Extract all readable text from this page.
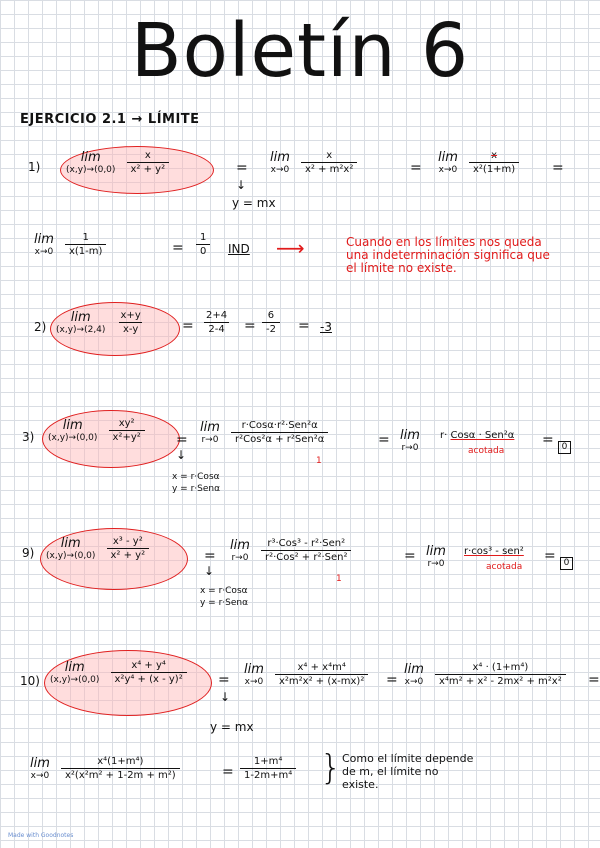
Boletín 6
EJERCICIO 2.1 → LÍMITE
1)
lim
(x,y)→(0,0)
$\frac{x}{\text{x² + y²}}$	=
lim
x→0
$\frac{x}{\text{x² + m²x²}}$	=
lim
x→0
$\frac{x}{\text{x²(1+m)}}$ =
↓
y = mx
lim
x→0
$\frac{1}{x(1-m)}$	= $\frac{1}{0}$ IND ⟶	Cuando en los límites nos queda
una indeterminación significa que
el límite no existe.
2)
lim
(x,y)→(2,4)
$\frac{x+y}{x-y}$	= $\frac{2+4}{2-4} = \frac{6}{-2} = -3$
3)
lim
(x,y)→(0,0)
$\frac{\text{xy²}}{\text{x²+y²}}$ =
lim
r→0
$\frac{\text{r·Cosα·r²·Sen²α}}{\text{r²Cos²α + r²Sen²α}}$
1
= lim
r→0
r· Cosα · Sen²α
acotada
= 0
↓
x = r·Cosα
y = r·Senα
9)
lim
(x,y)→(0,0)
$\frac{\text{x³ - y²}}{\text{x² + y²}}$	=
lim
r→0
$\frac{\text{r³·Cos³ - r²·Sen²}}{\text{r²·Cos² + r²·Sen²}}$
1
= lim
r→0
r·cos³ - sen²
acotada
= 0
↓
x = r·Cosα
y = r·Senα
10)
lim
(x,y)→(0,0)
$\frac{\text{x⁴ + y⁴}}{\text{x²y⁴ + (x - y)²}}$ =
lim
x→0
$\frac{\text{x⁴ + x⁴m⁴}}{\text{x²m²x² + (x-mx)²}}$ =
lim
x→0
$\frac{\text{x⁴ · (1+m⁴)}}{\text{x⁴m² + x² - 2mx² + m²x²}}$ =
↓
y = mx
lim
x→0
$\frac{\text{x⁴(1+m⁴)}}{\text{x²(x²m² + 1-2m + m²)}}$	= $\frac{\text{1+m⁴}}{\text{1-2m+m⁴}}$ } Como el límite depende
de m, el límite no
existe.
Made with Goodnotes
